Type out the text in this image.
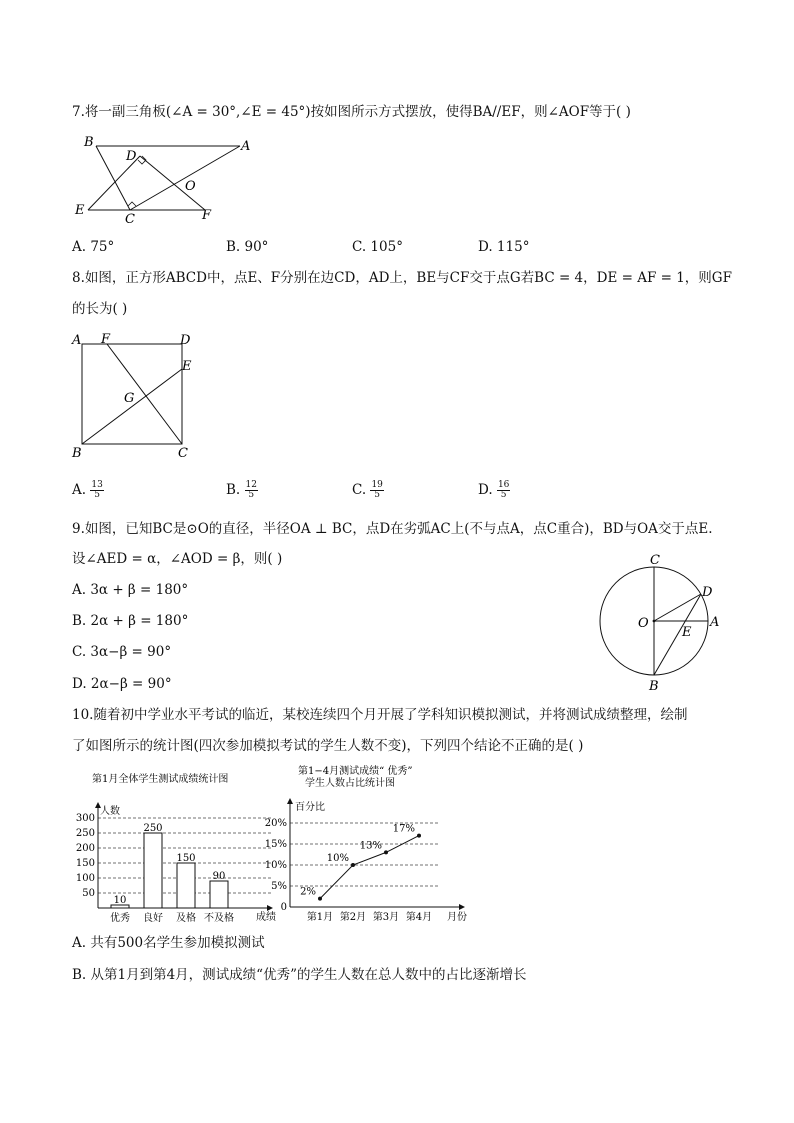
7.将一副三角板(∠A = 30°,∠E = 45°)按如图所示方式摆放，使得BA//EF，则∠AOF等于( )
B	A
D
O
E
C	F
A. 75°	B. 90°	C. 105°	D. 115°
8.如图，正方形ABCD中，点E、F分别在边CD，AD上，BE与CF交于点G若BC = 4，DE = AF = 1，则GF
的长为( )
A F	D
E
G
B	C
A. $\frac{13}{5}$	B. $\frac{12}{5}$	C. $\frac{19}{5}$	D. $\frac{16}{5}$
9.如图，已知BC是⊙O的直径，半径OA ⊥ BC，点D在劣弧AC上(不与点A，点C重合)，BD与OA交于点E.
设∠AED = α，∠AOD = β，则( )
A. 3α + β = 180°
B. 2α + β = 180°
C. 3α−β = 90°
D. 2α−β = 90°
C
D
O	A
E
B
10.随着初中学业水平考试的临近，某校连续四个月开展了学科知识模拟测试，并将测试成绩整理，绘制
了如图所示的统计图(四次参加模拟考试的学生人数不变)，下列四个结论不正确的是( )
第1月全体学生测试成绩统计图
300
250
200
150
100
50
10
250
150
90
优秀 良好 及格 不及格
人数
成绩
第1−4月测试成绩“ 优秀”
学生人数占比统计图
20%
15%
10%
5%
0
2%
10%
13%
17%
第1月 第2月 第3月 第4月
百分比
月份
A. 共有500名学生参加模拟测试
B. 从第1月到第4月，测试成绩“优秀”的学生人数在总人数中的占比逐渐增长
